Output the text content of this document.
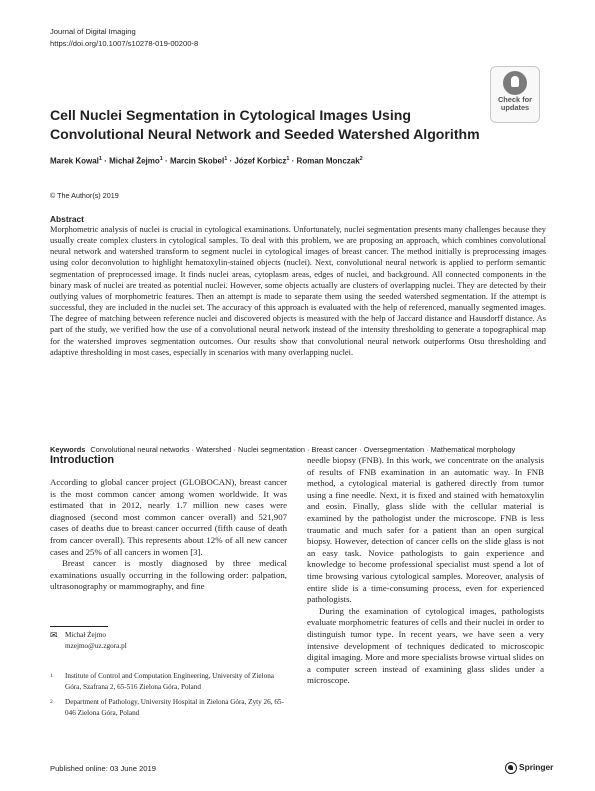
Journal of Digital Imaging
https://doi.org/10.1007/s10278-019-00200-8
Check for
updates
Cell Nuclei Segmentation in Cytological Images Using Convolutional Neural Network and Seeded Watershed Algorithm
Marek Kowal$^1$ · Michał Żejmo$^1$ · Marcin Skobel$^1$ · Józef Korbicz$^1$ · Roman Monczak$^2$
© The Author(s) 2019
Abstract
Morphometric analysis of nuclei is crucial in cytological examinations. Unfortunately, nuclei segmentation presents many challenges because they usually create complex clusters in cytological samples. To deal with this problem, we are proposing an approach, which combines convolutional neural network and watershed transform to segment nuclei in cytological images of breast cancer. The method initially is preprocessing images using color deconvolution to highlight hematoxylin-stained objects (nuclei). Next, convolutional neural network is applied to perform semantic segmentation of preprocessed image. It finds nuclei areas, cytoplasm areas, edges of nuclei, and background. All connected components in the binary mask of nuclei are treated as potential nuclei. However, some objects actually are clusters of overlapping nuclei. They are detected by their outlying values of morphometric features. Then an attempt is made to separate them using the seeded watershed segmentation. If the attempt is successful, they are included in the nuclei set. The accuracy of this approach is evaluated with the help of referenced, manually segmented images. The degree of matching between reference nuclei and discovered objects is measured with the help of Jaccard distance and Hausdorff distance. As part of the study, we verified how the use of a convolutional neural network instead of the intensity thresholding to generate a topographical map for the watershed improves segmentation outcomes. Our results show that convolutional neural network outperforms Otsu thresholding and adaptive thresholding in most cases, especially in scenarios with many overlapping nuclei.
Keywords Convolutional neural networks · Watershed · Nuclei segmentation · Breast cancer · Oversegmentation · Mathematical morphology
Introduction

According to global cancer project (GLOBOCAN), breast cancer is the most common cancer among women worldwide. It was estimated that in 2012, nearly 1.7 million new cases were diagnosed (second most common cancer overall) and 521,907 cases of deaths due to breast cancer occurred (fifth cause of death from cancer overall). This represents about 12% of all new cancer cases and 25% of all cancers in women [3].

Breast cancer is mostly diagnosed by three medical examinations usually occurring in the following order: palpation, ultrasonography or mammography, and fine

needle biopsy (FNB). In this work, we concentrate on the analysis of results of FNB examination in an automatic way. In FNB method, a cytological material is gathered directly from tumor using a fine needle. Next, it is fixed and stained with hematoxylin and eosin. Finally, glass slide with the cellular material is examined by the pathologist under the microscope. FNB is less traumatic and much safer for a patient than an open surgical biopsy. However, detection of cancer cells on the slide glass is not an easy task. Novice pathologists to gain experience and knowledge to become professional specialist must spend a lot of time browsing various cytological samples. Moreover, analysis of entire slide is a time-consuming process, even for experienced pathologists.

During the examination of cytological images, pathologists evaluate morphometric features of cells and their nuclei in order to distinguish tumor type. In recent years, we have seen a very intensive development of techniques dedicated to microscopic digital imaging. More and more specialists browse virtual slides on a computer screen instead of examining glass slides under a microscope.

✉ Michał Żejmo
mzejmo@uz.zgora.pl
1 Institute of Control and Computation Engineering, University of Zielona Góra, Szafrana 2, 65-516 Zielona Góra, Poland
2 Department of Pathology, University Hospital in Zielona Góra, Zyty 26, 65-046 Zielona Góra, Poland
Published online: 03 June 2019	Springer
